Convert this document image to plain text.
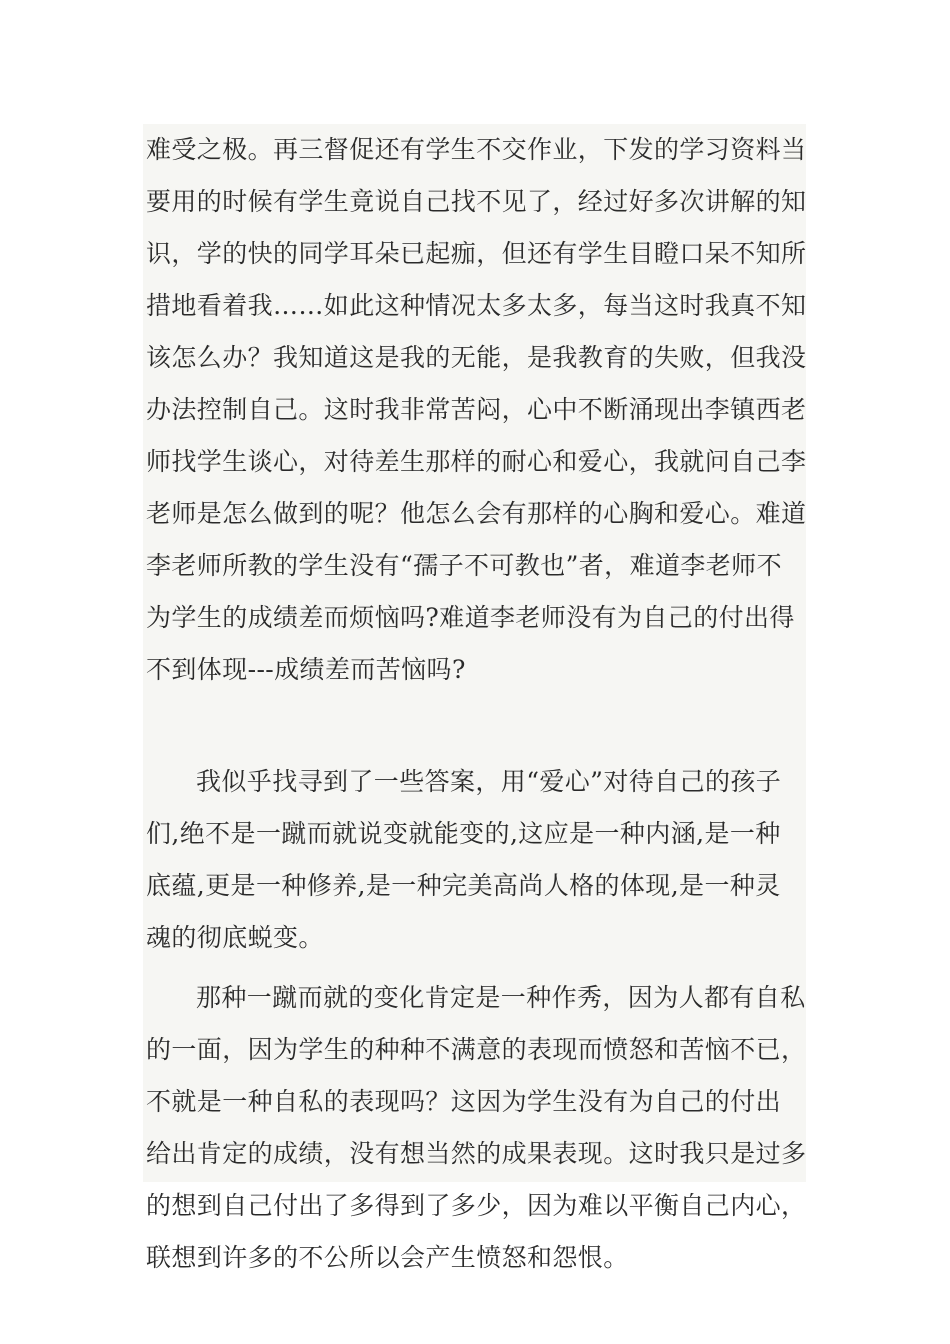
难受之极。再三督促还有学生不交作业，下发的学习资料当
要用的时候有学生竟说自己找不见了，经过好多次讲解的知
识，学的快的同学耳朵已起痂，但还有学生目瞪口呆不知所
措地看着我……如此这种情况太多太多，每当这时我真不知
该怎么办？我知道这是我的无能，是我教育的失败，但我没
办法控制自己。这时我非常苦闷，心中不断涌现出李镇西老
师找学生谈心，对待差生那样的耐心和爱心，我就问自己李
老师是怎么做到的呢？他怎么会有那样的心胸和爱心。难道
李老师所教的学生没有“孺子不可教也”者，难道李老师不
为学生的成绩差而烦恼吗?难道李老师没有为自己的付出得
不到体现---成绩差而苦恼吗?
我似乎找寻到了一些答案，用“爱心”对待自己的孩子
们,绝不是一蹴而就说变就能变的,这应是一种内涵,是一种
底蕴,更是一种修养,是一种完美高尚人格的体现,是一种灵
魂的彻底蜕变。
那种一蹴而就的变化肯定是一种作秀，因为人都有自私
的一面，因为学生的种种不满意的表现而愤怒和苦恼不已，
不就是一种自私的表现吗？这因为学生没有为自己的付出
给出肯定的成绩，没有想当然的成果表现。这时我只是过多
的想到自己付出了多得到了多少，因为难以平衡自己内心，
联想到许多的不公所以会产生愤怒和怨恨。
